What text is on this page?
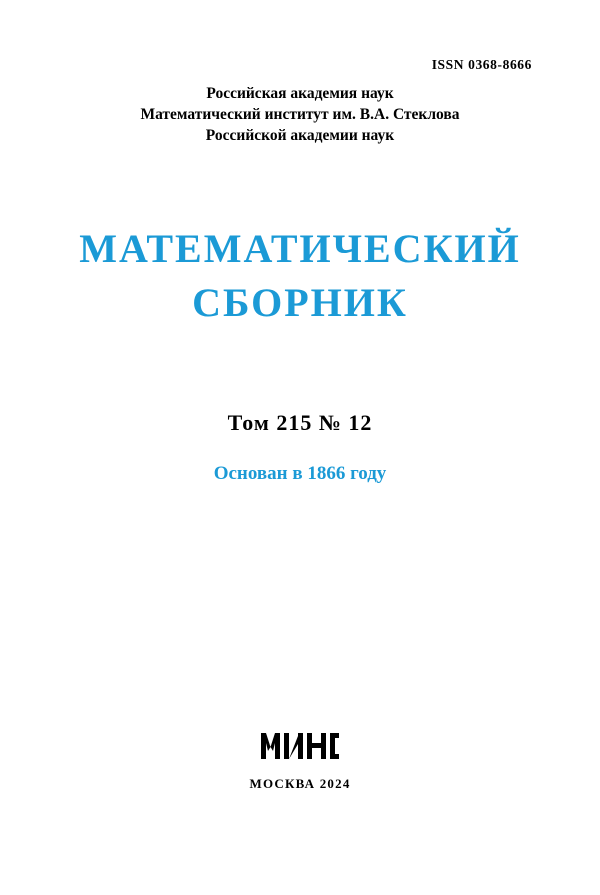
ISSN 0368-8666
Российская академия наук
Математический институт им. В.А. Стеклова
Российской академии наук
МАТЕМАТИЧЕСКИЙ
СБОРНИК
Том 215 № 12
Основан в 1866 году
МОСКВА 2024
